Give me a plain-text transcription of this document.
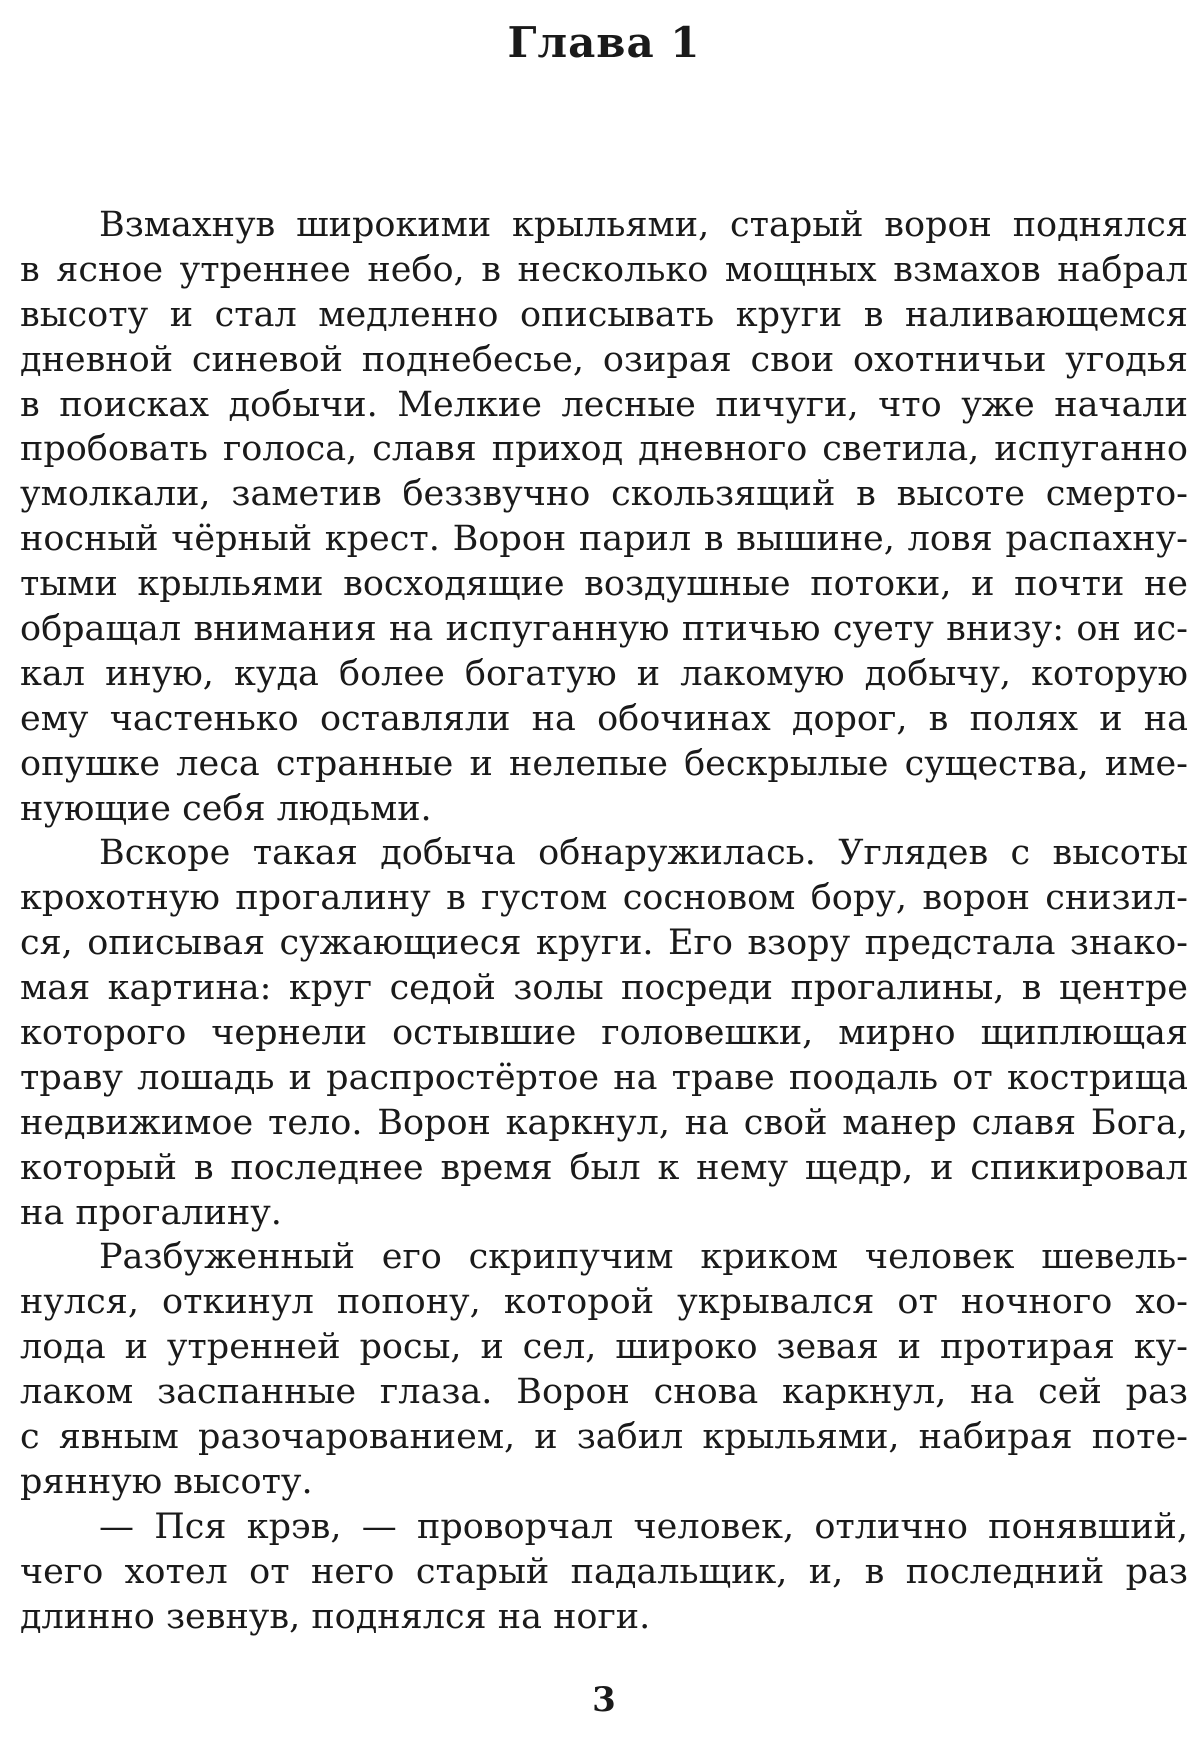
Глава 1
Взмахнув широкими крыльями, старый ворон поднялся
в ясное утреннее небо, в несколько мощных взмахов набрал
высоту и стал медленно описывать круги в наливающемся
дневной синевой поднебесье, озирая свои охотничьи угодья
в поисках добычи. Мелкие лесные пичуги, что уже начали
пробовать голоса, славя приход дневного светила, испуганно
умолкали, заметив беззвучно скользящий в высоте смерто-
носный чёрный крест. Ворон парил в вышине, ловя распахну-
тыми крыльями восходящие воздушные потоки, и почти не
обращал внимания на испуганную птичью суету внизу: он ис-
кал иную, куда более богатую и лакомую добычу, которую
ему частенько оставляли на обочинах дорог, в полях и на
опушке леса странные и нелепые бескрылые существа, име-
нующие себя людьми.
Вскоре такая добыча обнаружилась. Углядев с высоты
крохотную прогалину в густом сосновом бору, ворон снизил-
ся, описывая сужающиеся круги. Его взору предстала знако-
мая картина: круг седой золы посреди прогалины, в центре
которого чернели остывшие головешки, мирно щиплющая
траву лошадь и распростёртое на траве поодаль от кострища
недвижимое тело. Ворон каркнул, на свой манер славя Бога,
который в последнее время был к нему щедр, и спикировал
на прогалину.
Разбуженный его скрипучим криком человек шевель-
нулся, откинул попону, которой укрывался от ночного хо-
лода и утренней росы, и сел, широко зевая и протирая ку-
лаком заспанные глаза. Ворон снова каркнул, на сей раз
с явным разочарованием, и забил крыльями, набирая поте-
рянную высоту.
— Пся крэв, — проворчал человек, отлично понявший,
чего хотел от него старый падальщик, и, в последний раз
длинно зевнув, поднялся на ноги.
3
